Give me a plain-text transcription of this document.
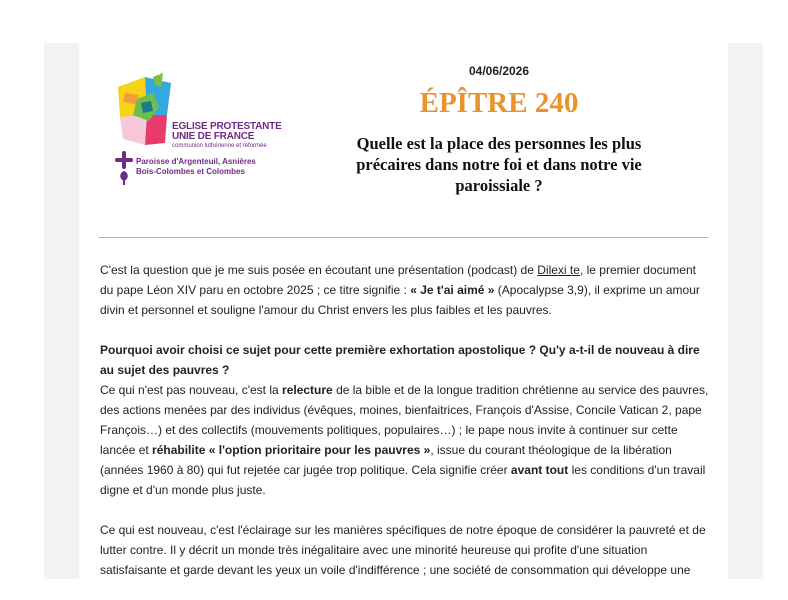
EGLISE PROTESTANTE

UNIE DE FRANCE

communion luthérienne et réformée

Paroisse d'Argenteuil, Asnières

Bois-Colombes et Colombes

04/06/2026
ÉPÎTRE 240
Quelle est la place des personnes les plus précaires dans notre foi et dans notre vie paroissiale ?

C'est la question que je me suis posée en écoutant une présentation (podcast) de Dilexi te, le premier document du pape Léon XIV paru en octobre 2025 ; ce titre signifie : « Je t'ai aimé » (Apocalypse 3,9), il exprime un amour divin et personnel et souligne l'amour du Christ envers les plus faibles et les pauvres.

Pourquoi avoir choisi ce sujet pour cette première exhortation apostolique ? Qu'y a-t-il de nouveau à dire au sujet des pauvres ?
Ce qui n'est pas nouveau, c'est la relecture de la bible et de la longue tradition chrétienne au service des pauvres, des actions menées par des individus (évêques, moines, bienfaitrices, François d'Assise, Concile Vatican 2, pape François…) et des collectifs (mouvements politiques, populaires…) ; le pape nous invite à continuer sur cette lancée et réhabilite « l'option prioritaire pour les pauvres », issue du courant théologique de la libération (années 1960 à 80) qui fut rejetée car jugée trop politique. Cela signifie créer avant tout les conditions d'un travail digne et d'un monde plus juste.

Ce qui est nouveau, c'est l'éclairage sur les manières spécifiques de notre époque de considérer la pauvreté et de lutter contre. Il y décrit un monde très inégalitaire avec une minorité heureuse qui profite d'une situation satisfaisante et garde devant les yeux un voile d'indifférence ; une société de consommation qui développe une
